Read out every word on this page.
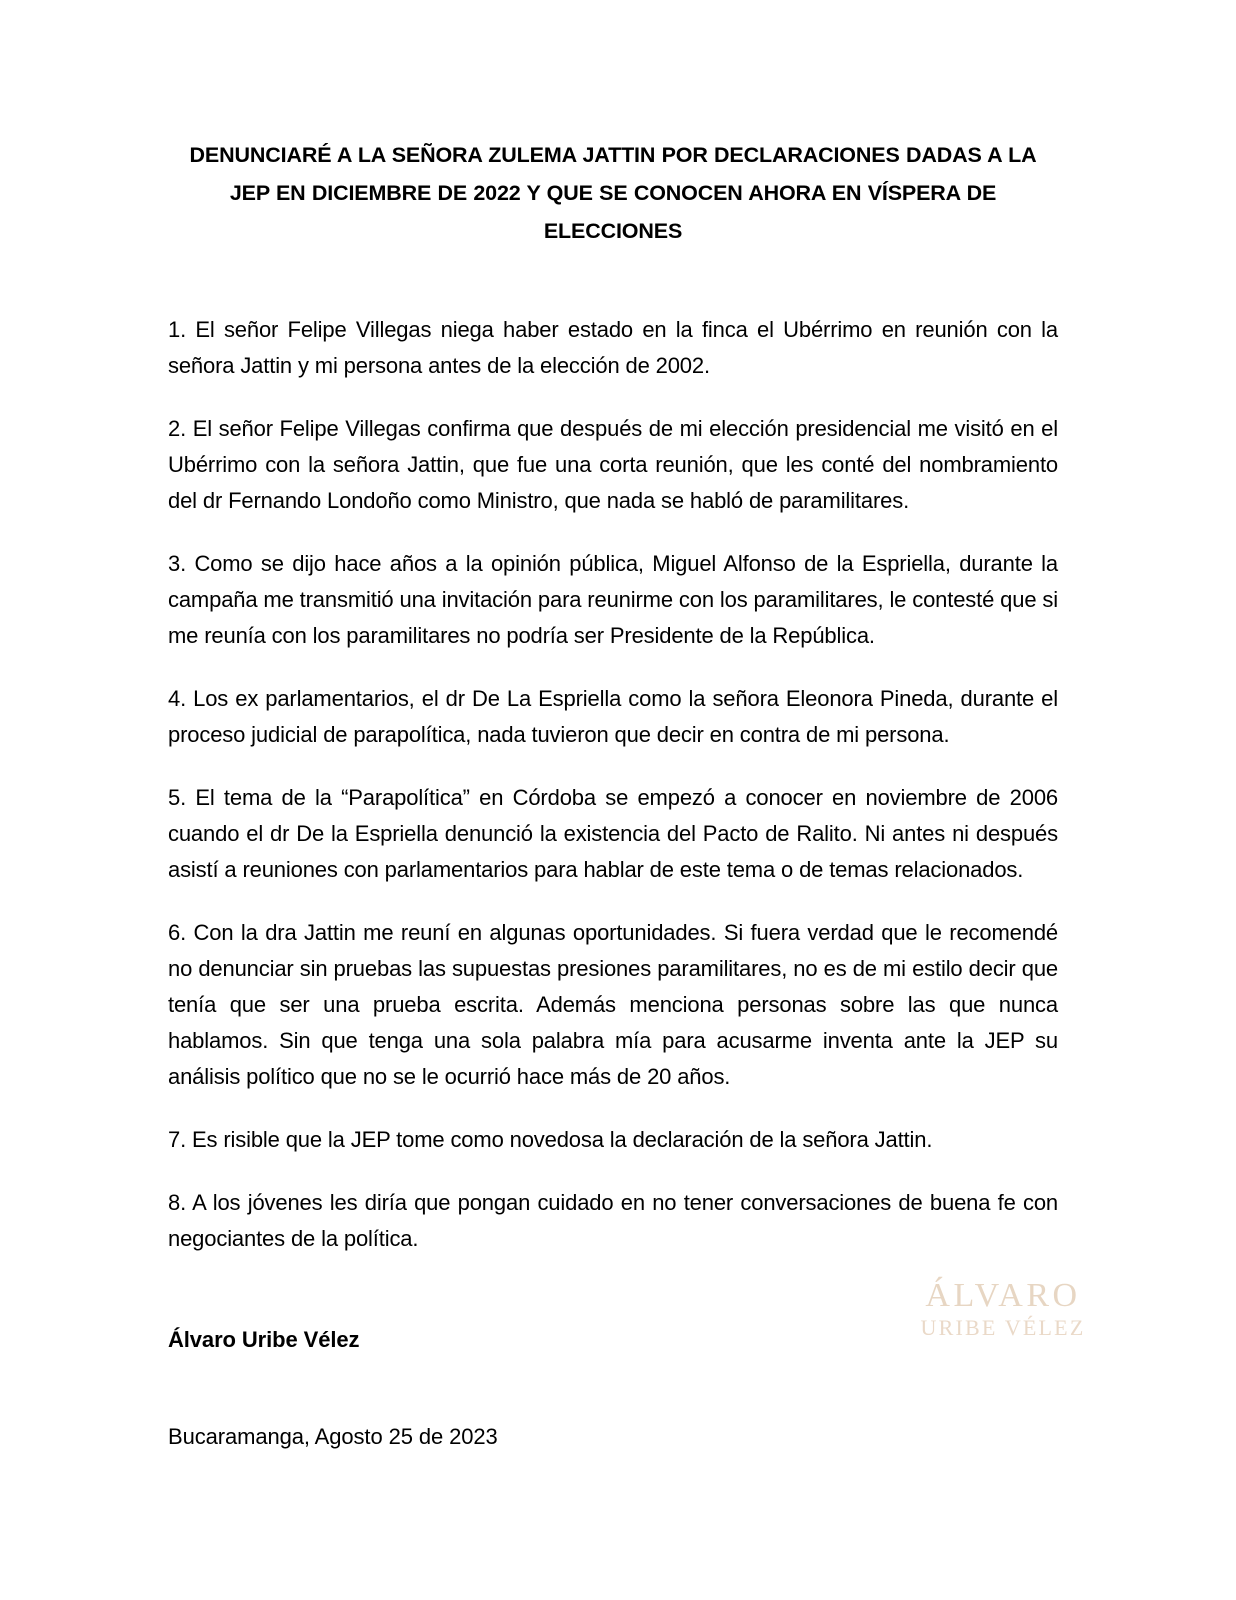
DENUNCIARÉ A LA SEÑORA ZULEMA JATTIN POR DECLARACIONES DADAS A LA JEP EN DICIEMBRE DE 2022 Y QUE SE CONOCEN AHORA EN VÍSPERA DE ELECCIONES

1. El señor Felipe Villegas niega haber estado en la finca el Ubérrimo en reunión con la señora Jattin y mi persona antes de la elección de 2002.

2. El señor Felipe Villegas confirma que después de mi elección presidencial me visitó en el Ubérrimo con la señora Jattin, que fue una corta reunión, que les conté del nombramiento del dr Fernando Londoño como Ministro, que nada se habló de paramilitares.

3. Como se dijo hace años a la opinión pública, Miguel Alfonso de la Espriella, durante la campaña me transmitió una invitación para reunirme con los paramilitares, le contesté que si me reunía con los paramilitares no podría ser Presidente de la República.

4. Los ex parlamentarios, el dr De La Espriella como la señora Eleonora Pineda, durante el proceso judicial de parapolítica, nada tuvieron que decir en contra de mi persona.

5. El tema de la “Parapolítica” en Córdoba se empezó a conocer en noviembre de 2006 cuando el dr De la Espriella denunció la existencia del Pacto de Ralito. Ni antes ni después asistí a reuniones con parlamentarios para hablar de este tema o de temas relacionados.

6. Con la dra Jattin me reuní en algunas oportunidades. Si fuera verdad que le recomendé no denunciar sin pruebas las supuestas presiones paramilitares, no es de mi estilo decir que tenía que ser una prueba escrita. Además menciona personas sobre las que nunca hablamos. Sin que tenga una sola palabra mía para acusarme inventa ante la JEP su análisis político que no se le ocurrió hace más de 20 años.

7. Es risible que la JEP tome como novedosa la declaración de la señora Jattin.

8. A los jóvenes les diría que pongan cuidado en no tener conversaciones de buena fe con negociantes de la política.

Álvaro Uribe Vélez
Bucaramanga, Agosto 25 de 2023
ÁLVARO
URIBE VÉLEZ
